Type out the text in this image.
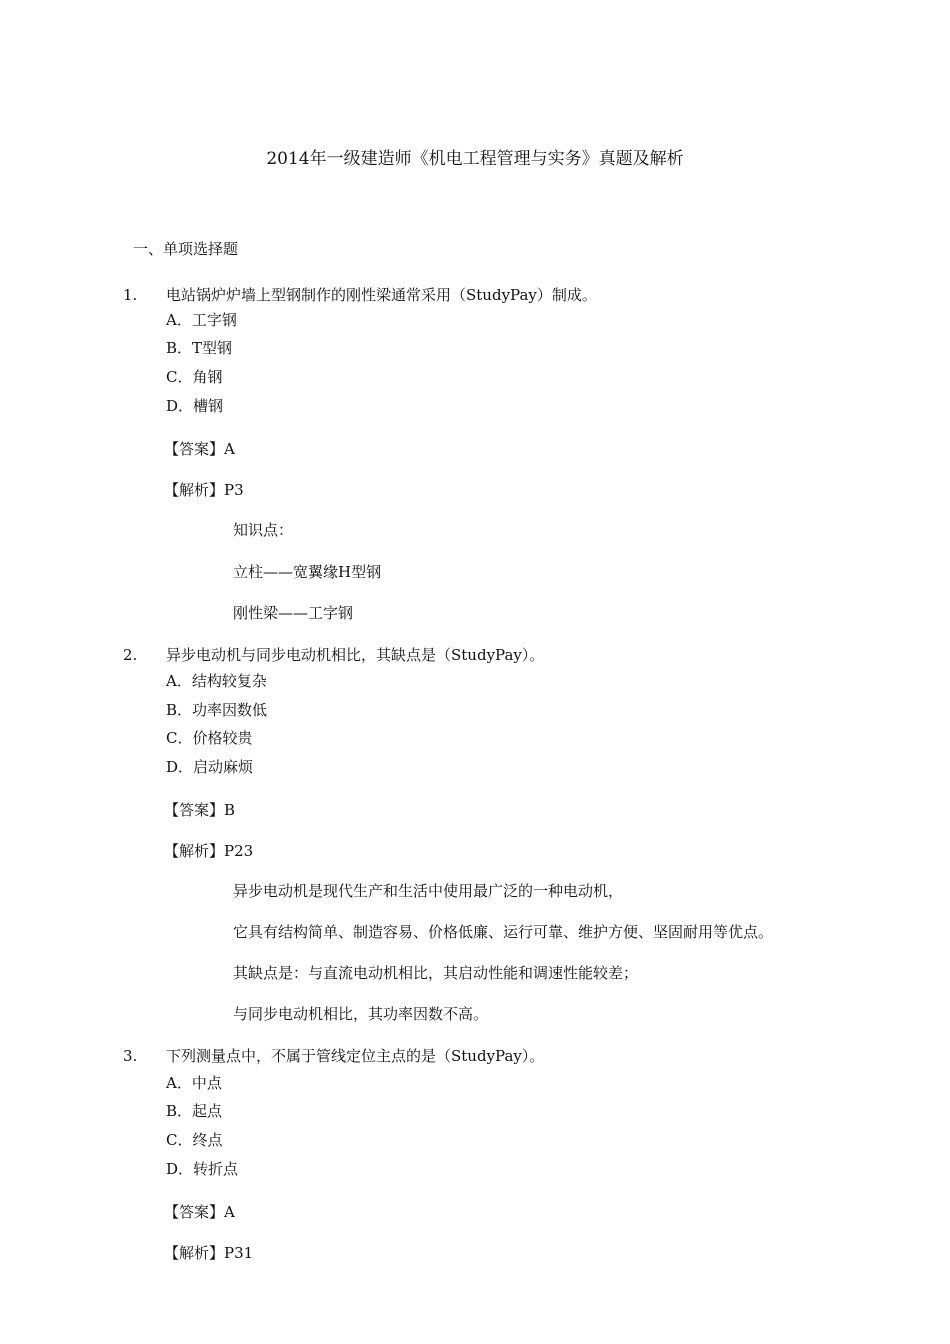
2014年一级建造师《机电工程管理与实务》真题及解析
一、单项选择题
1. 电站锅炉炉墙上型钢制作的刚性梁通常采用（StudyPay）制成。
A．工字钢
B．T型钢
C．角钢
D．槽钢
【答案】A
【解析】P3
知识点：
立柱——宽翼缘H型钢
刚性梁——工字钢
2. 异步电动机与同步电动机相比，其缺点是（StudyPay）。
A．结构较复杂
B．功率因数低
C．价格较贵
D．启动麻烦
【答案】B
【解析】P23
异步电动机是现代生产和生活中使用最广泛的一种电动机，
它具有结构简单、制造容易、价格低廉、运行可靠、维护方便、坚固耐用等优点。
其缺点是：与直流电动机相比，其启动性能和调速性能较差；
与同步电动机相比，其功率因数不高。
3. 下列测量点中，不属于管线定位主点的是（StudyPay）。
A．中点
B．起点
C．终点
D．转折点
【答案】A
【解析】P31
